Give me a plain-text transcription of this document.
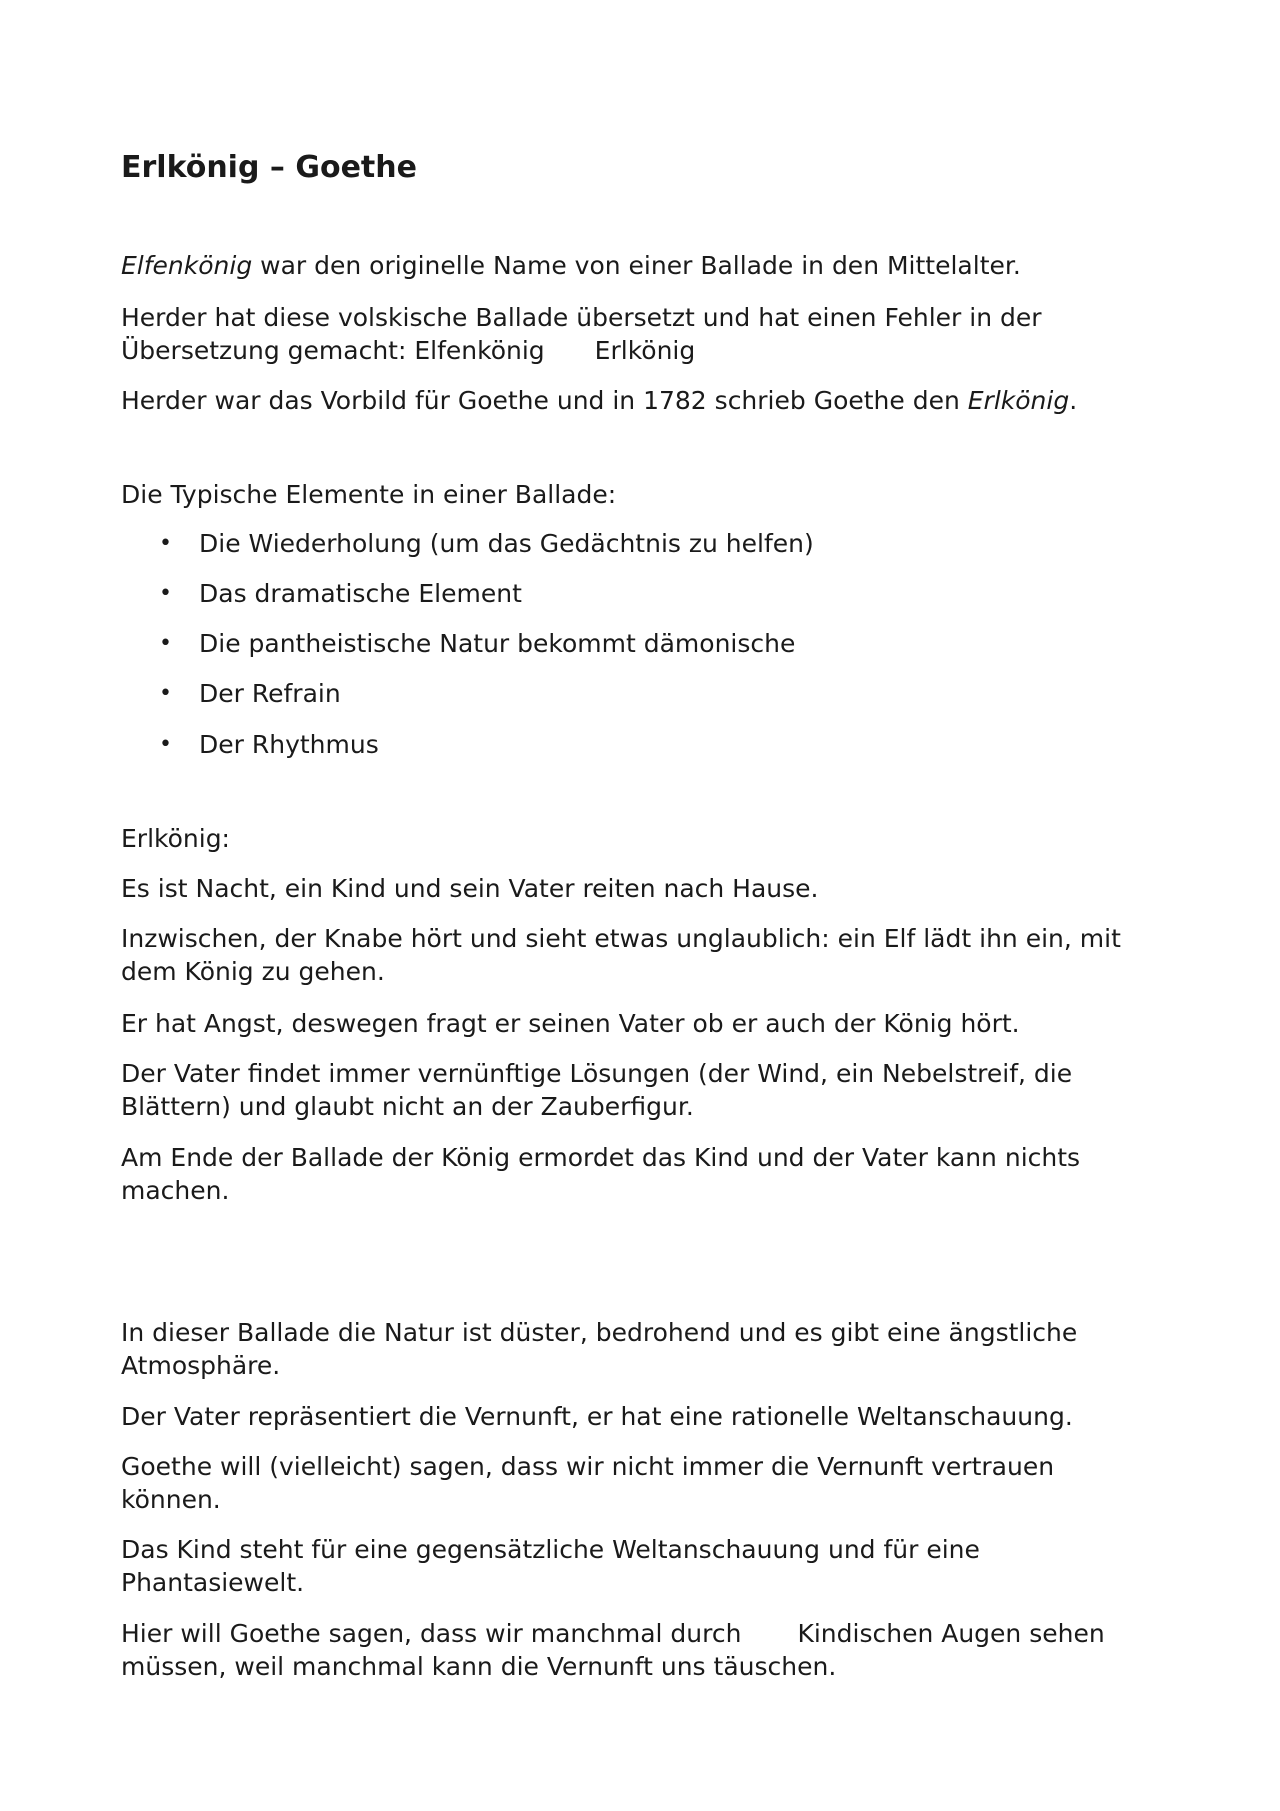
Erlkönig – Goethe

Elfenkönig war den originelle Name von einer Ballade in den Mittelalter.

Herder hat diese volskische Ballade übersetzt und hat einen Fehler in der
Übersetzung gemacht: Elfenkönig Erlkönig

Herder war das Vorbild für Goethe und in 1782 schrieb Goethe den Erlkönig.

Die Typische Elemente in einer Ballade:

• Die Wiederholung (um das Gedächtnis zu helfen)
• Das dramatische Element
• Die pantheistische Natur bekommt dämonische
• Der Refrain
• Der Rhythmus

Erlkönig:

Es ist Nacht, ein Kind und sein Vater reiten nach Hause.

Inzwischen, der Knabe hört und sieht etwas unglaublich: ein Elf lädt ihn ein, mit
dem König zu gehen.

Er hat Angst, deswegen fragt er seinen Vater ob er auch der König hört.

Der Vater findet immer vernünftige Lösungen (der Wind, ein Nebelstreif, die
Blättern) und glaubt nicht an der Zauberfigur.

Am Ende der Ballade der König ermordet das Kind und der Vater kann nichts
machen.

In dieser Ballade die Natur ist düster, bedrohend und es gibt eine ängstliche
Atmosphäre.

Der Vater repräsentiert die Vernunft, er hat eine rationelle Weltanschauung.

Goethe will (vielleicht) sagen, dass wir nicht immer die Vernunft vertrauen
können.

Das Kind steht für eine gegensätzliche Weltanschauung und für eine
Phantasiewelt.

Hier will Goethe sagen, dass wir manchmal durch Kindischen Augen sehen
müssen, weil manchmal kann die Vernunft uns täuschen.
